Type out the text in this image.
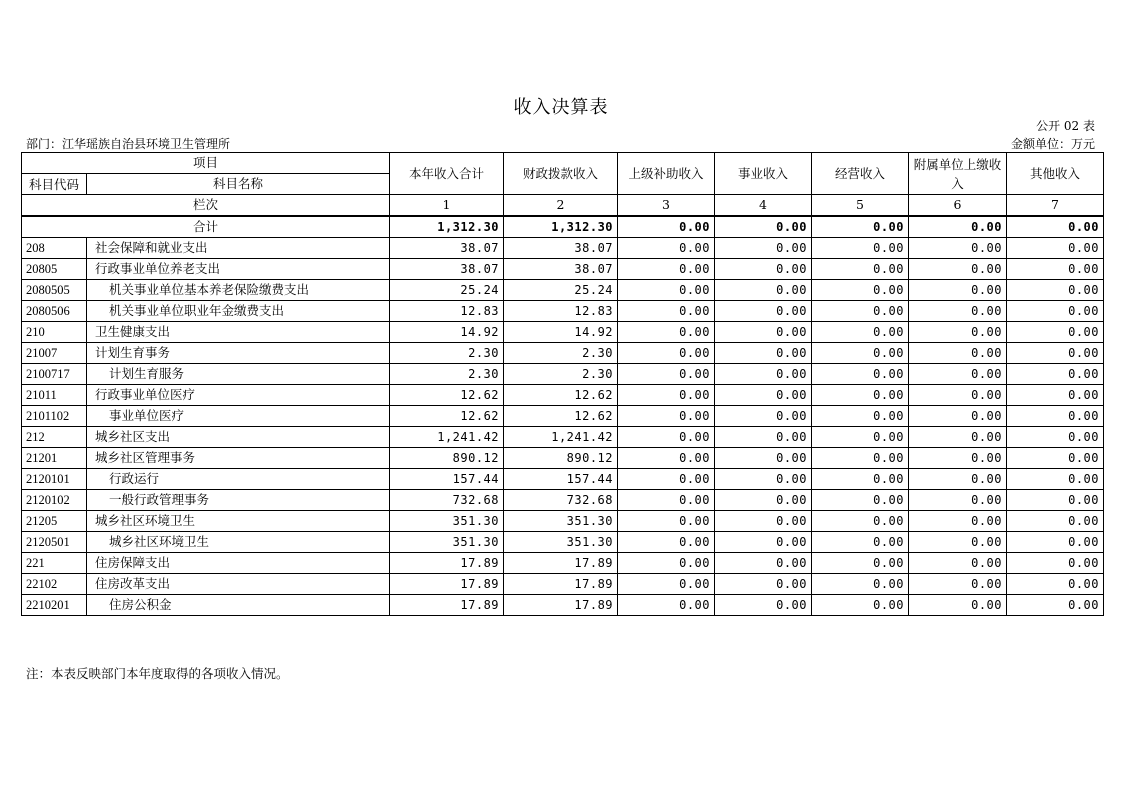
收入决算表
公开 02 表
部门：江华瑶族自治县环境卫生管理所	金额单位：万元
项目		本年收入合计	财政拨款收入	上级补助收入	事业收入	经营收入	附属单位上缴收入	其他收入
科目代码	科目名称							
栏次		1	2	3	4	5	6	7
合计		1,312.30	1,312.30	0.00	0.00	0.00	0.00	0.00
208	社会保障和就业支出	38.07	38.07	0.00	0.00	0.00	0.00	0.00
20805	行政事业单位养老支出	38.07	38.07	0.00	0.00	0.00	0.00	0.00
2080505	机关事业单位基本养老保险缴费支出	25.24	25.24	0.00	0.00	0.00	0.00	0.00
2080506	机关事业单位职业年金缴费支出	12.83	12.83	0.00	0.00	0.00	0.00	0.00
210	卫生健康支出	14.92	14.92	0.00	0.00	0.00	0.00	0.00
21007	计划生育事务	2.30	2.30	0.00	0.00	0.00	0.00	0.00
2100717	计划生育服务	2.30	2.30	0.00	0.00	0.00	0.00	0.00
21011	行政事业单位医疗	12.62	12.62	0.00	0.00	0.00	0.00	0.00
2101102	事业单位医疗	12.62	12.62	0.00	0.00	0.00	0.00	0.00
212	城乡社区支出	1,241.42	1,241.42	0.00	0.00	0.00	0.00	0.00
21201	城乡社区管理事务	890.12	890.12	0.00	0.00	0.00	0.00	0.00
2120101	行政运行	157.44	157.44	0.00	0.00	0.00	0.00	0.00
2120102	一般行政管理事务	732.68	732.68	0.00	0.00	0.00	0.00	0.00
21205	城乡社区环境卫生	351.30	351.30	0.00	0.00	0.00	0.00	0.00
2120501	城乡社区环境卫生	351.30	351.30	0.00	0.00	0.00	0.00	0.00
221	住房保障支出	17.89	17.89	0.00	0.00	0.00	0.00	0.00
22102	住房改革支出	17.89	17.89	0.00	0.00	0.00	0.00	0.00
2210201	住房公积金	17.89	17.89	0.00	0.00	0.00	0.00	0.00
注：本表反映部门本年度取得的各项收入情况。
